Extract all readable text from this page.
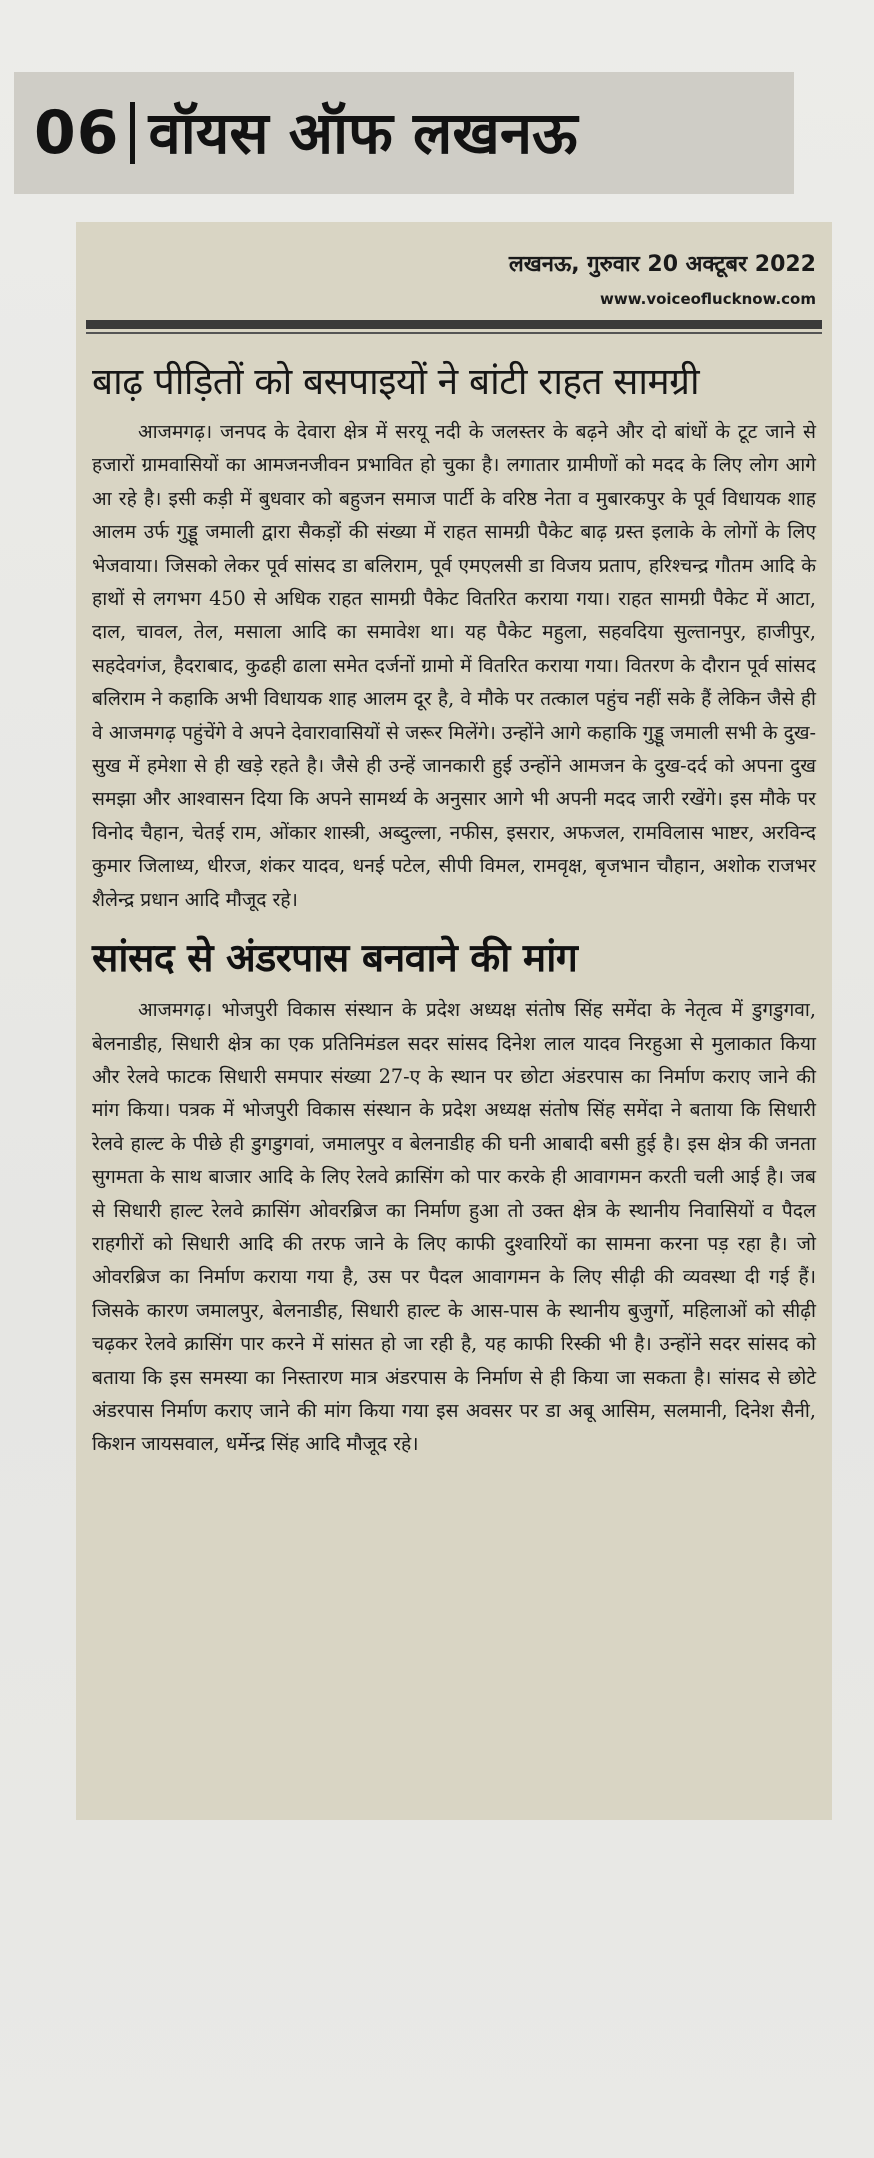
06 वॉयस ऑफ लखनऊ
लखनऊ, गुरुवार 20 अक्टूबर 2022
www.voiceoflucknow.com
बाढ़ पीड़ितों को बसपाइयों ने बांटी राहत सामग्री

आजमगढ़। जनपद के देवारा क्षेत्र में सरयू नदी के जलस्तर के बढ़ने और दो बांधों के टूट जाने से हजारों ग्रामवासियों का आमजनजीवन प्रभावित हो चुका है। लगातार ग्रामीणों को मदद के लिए लोग आगे आ रहे है। इसी कड़ी में बुधवार को बहुजन समाज पार्टी के वरिष्ठ नेता व मुबारकपुर के पूर्व विधायक शाह आलम उर्फ गुड्डू जमाली द्वारा सैकड़ों की संख्या में राहत सामग्री पैकेट बाढ़ ग्रस्त इलाके के लोगों के लिए भेजवाया। जिसको लेकर पूर्व सांसद डा बलिराम, पूर्व एमएलसी डा विजय प्रताप, हरिश्चन्द्र गौतम आदि के हाथों से लगभग 450 से अधिक राहत सामग्री पैकेट वितरित कराया गया। राहत सामग्री पैकेट में आटा, दाल, चावल, तेल, मसाला आदि का समावेश था। यह पैकेट महुला, सहवदिया सुल्तानपुर, हाजीपुर, सहदेवगंज, हैदराबाद, कुढही ढाला समेत दर्जनों ग्रामो में वितरित कराया गया। वितरण के दौरान पूर्व सांसद बलिराम ने कहाकि अभी विधायक शाह आलम दूर है, वे मौके पर तत्काल पहुंच नहीं सके हैं लेकिन जैसे ही वे आजमगढ़ पहुंचेंगे वे अपने देवारावासियों से जरूर मिलेंगे। उन्होंने आगे कहाकि गुड्डू जमाली सभी के दुख-सुख में हमेशा से ही खड़े रहते है। जैसे ही उन्हें जानकारी हुई उन्होंने आमजन के दुख-दर्द को अपना दुख समझा और आश्वासन दिया कि अपने सामर्थ्य के अनुसार आगे भी अपनी मदद जारी रखेंगे। इस मौके पर विनोद चैहान, चेतई राम, ओंकार शास्त्री, अब्दुल्ला, नफीस, इसरार, अफजल, रामविलास भाष्टर, अरविन्द कुमार जिलाध्य, धीरज, शंकर यादव, धनई पटेल, सीपी विमल, रामवृक्ष, बृजभान चौहान, अशोक राजभर शैलेन्द्र प्रधान आदि मौजूद रहे।

सांसद से अंडरपास बनवाने की मांग

आजमगढ़। भोजपुरी विकास संस्थान के प्रदेश अध्यक्ष संतोष सिंह समेंदा के नेतृत्व में डुगडुगवा, बेलनाडीह, सिधारी क्षेत्र का एक प्रतिनिमंडल सदर सांसद दिनेश लाल यादव निरहुआ से मुलाकात किया और रेलवे फाटक सिधारी समपार संख्या 27-ए के स्थान पर छोटा अंडरपास का निर्माण कराए जाने की मांग किया। पत्रक में भोजपुरी विकास संस्थान के प्रदेश अध्यक्ष संतोष सिंह समेंदा ने बताया कि सिधारी रेलवे हाल्ट के पीछे ही डुगडुगवां, जमालपुर व बेलनाडीह की घनी आबादी बसी हुई है। इस क्षेत्र की जनता सुगमता के साथ बाजार आदि के लिए रेलवे क्रासिंग को पार करके ही आवागमन करती चली आई है। जब से सिधारी हाल्ट रेलवे क्रासिंग ओवरब्रिज का निर्माण हुआ तो उक्त क्षेत्र के स्थानीय निवासियों व पैदल राहगीरों को सिधारी आदि की तरफ जाने के लिए काफी दुश्वारियों का सामना करना पड़ रहा है। जो ओवरब्रिज का निर्माण कराया गया है, उस पर पैदल आवागमन के लिए सीढ़ी की व्यवस्था दी गई हैं। जिसके कारण जमालपुर, बेलनाडीह, सिधारी हाल्ट के आस-पास के स्थानीय बुजुर्गो, महिलाओं को सीढ़ी चढ़कर रेलवे क्रासिंग पार करने में सांसत हो जा रही है, यह काफी रिस्की भी है। उन्होंने सदर सांसद को बताया कि इस समस्या का निस्तारण मात्र अंडरपास के निर्माण से ही किया जा सकता है। सांसद से छोटे अंडरपास निर्माण कराए जाने की मांग किया गया इस अवसर पर डा अबू आसिम, सलमानी, दिनेश सैनी, किशन जायसवाल, धर्मेन्द्र सिंह आदि मौजूद रहे।
